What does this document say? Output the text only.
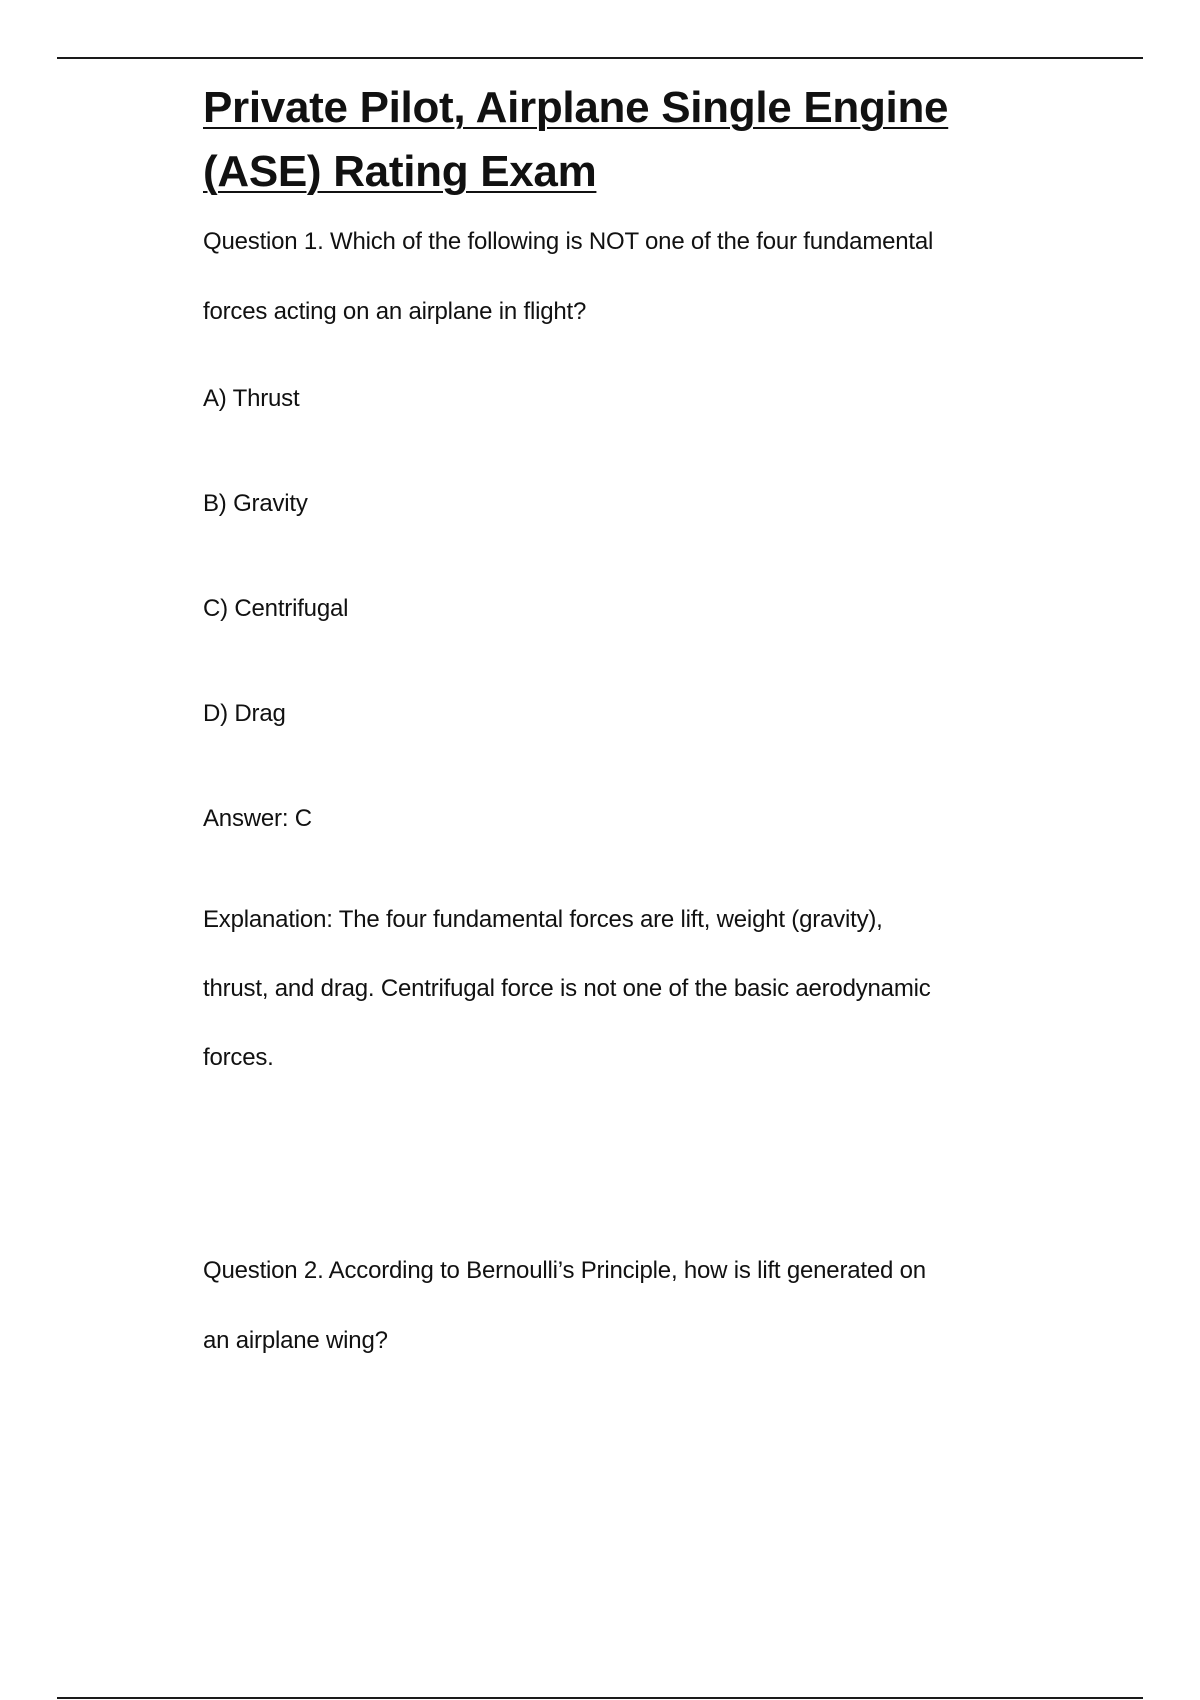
Private Pilot, Airplane Single Engine
(ASE) Rating Exam

Question 1. Which of the following is NOT one of the four fundamental
forces acting on an airplane in flight?

A) Thrust

B) Gravity

C) Centrifugal

D) Drag

Answer: C

Explanation: The four fundamental forces are lift, weight (gravity),
thrust, and drag. Centrifugal force is not one of the basic aerodynamic
forces.

Question 2. According to Bernoulli’s Principle, how is lift generated on
an airplane wing?
